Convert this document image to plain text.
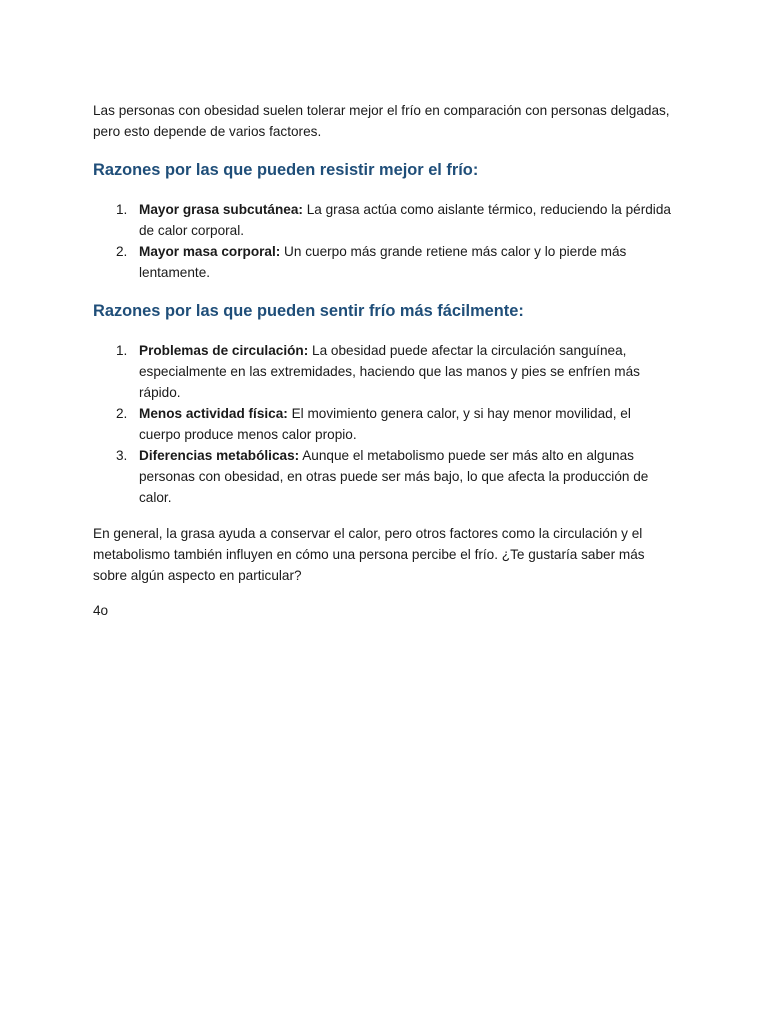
Las personas con obesidad suelen tolerar mejor el frío en comparación con personas delgadas, pero esto depende de varios factores.

Razones por las que pueden resistir mejor el frío:
1. Mayor grasa subcutánea: La grasa actúa como aislante térmico, reduciendo la pérdida de calor corporal.
2. Mayor masa corporal: Un cuerpo más grande retiene más calor y lo pierde más lentamente.
Razones por las que pueden sentir frío más fácilmente:
1. Problemas de circulación: La obesidad puede afectar la circulación sanguínea, especialmente en las extremidades, haciendo que las manos y pies se enfríen más rápido.
2. Menos actividad física: El movimiento genera calor, y si hay menor movilidad, el cuerpo produce menos calor propio.
3. Diferencias metabólicas: Aunque el metabolismo puede ser más alto en algunas personas con obesidad, en otras puede ser más bajo, lo que afecta la producción de calor.

En general, la grasa ayuda a conservar el calor, pero otros factores como la circulación y el metabolismo también influyen en cómo una persona percibe el frío. ¿Te gustaría saber más sobre algún aspecto en particular?

4o
